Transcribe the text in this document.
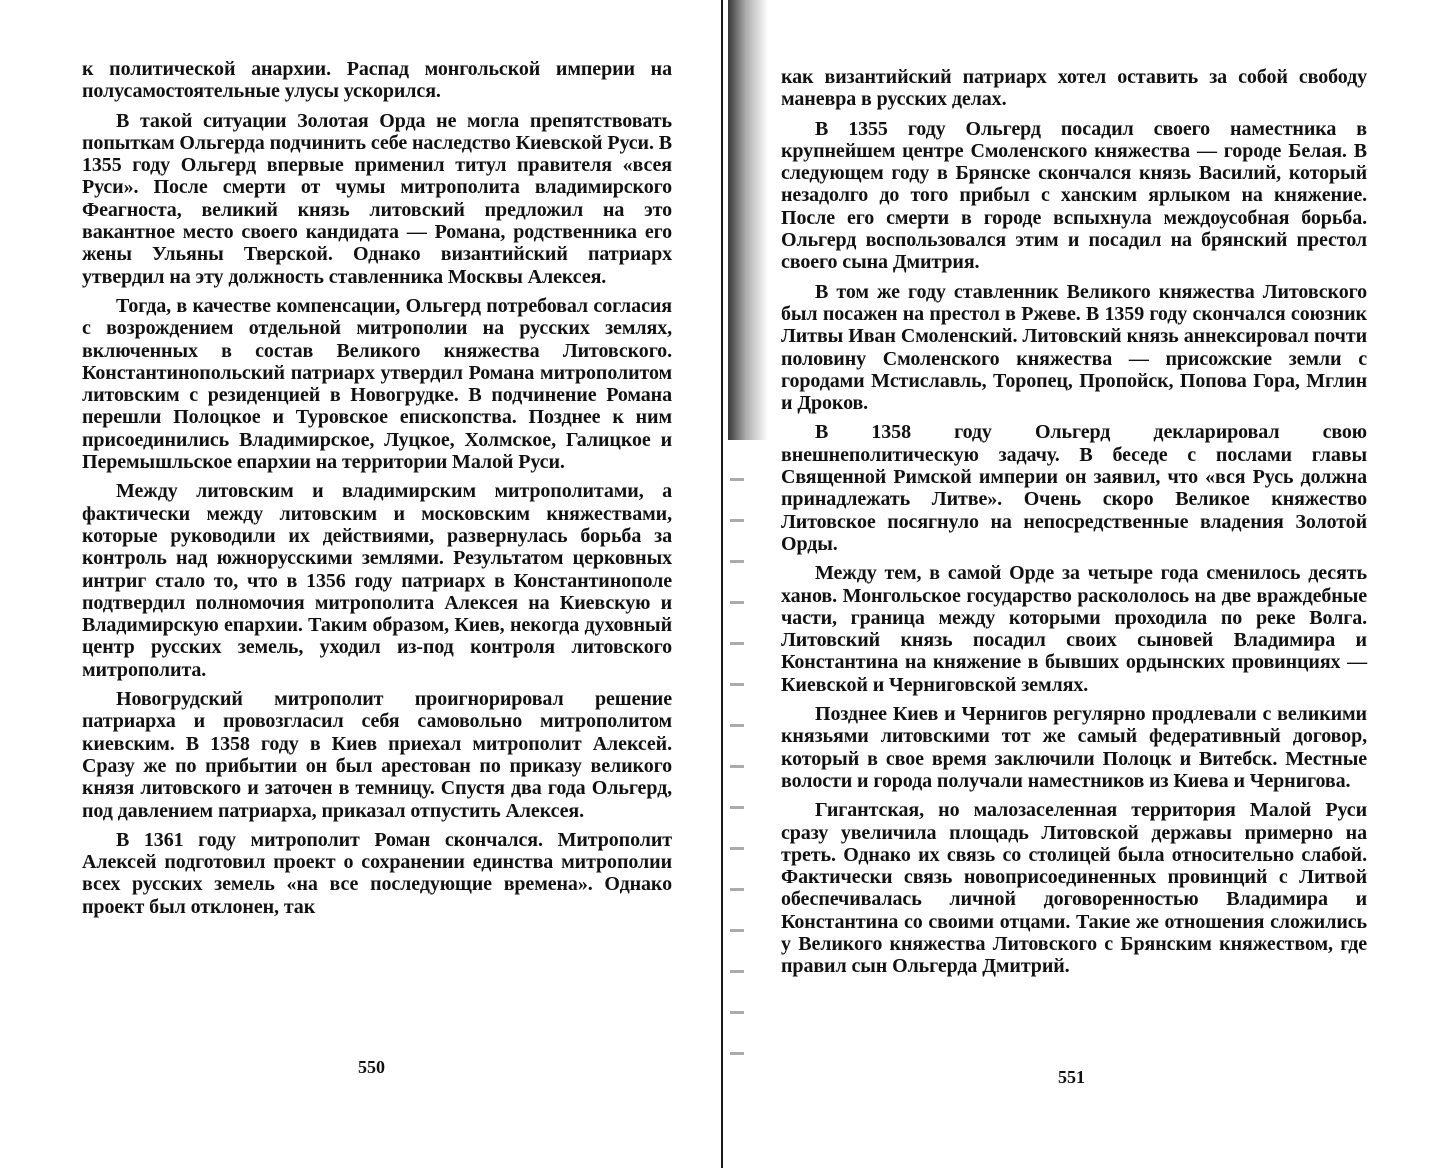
к политической анархии. Распад монгольской империи на полусамостоятельные улусы ускорился.

В такой ситуации Золотая Орда не могла препятствовать попыткам Ольгерда подчинить себе наследство Киевской Руси. В 1355 году Ольгерд впервые применил титул правителя «всея Руси». После смерти от чумы митрополита владимирского Феагноста, великий князь литовский предложил на это вакантное место своего кандидата — Романа, родственника его жены Ульяны Тверской. Однако византийский патриарх утвердил на эту должность ставленника Москвы Алексея.

Тогда, в качестве компенсации, Ольгерд потребовал согласия с возрождением отдельной митрополии на русских землях, включенных в состав Великого княжества Литовского. Константинопольский патриарх утвердил Романа митрополитом литовским с резиденцией в Новогрудке. В подчинение Романа перешли Полоцкое и Туровское епископства. Позднее к ним присоединились Владимирское, Луцкое, Холмское, Галицкое и Перемышльское епархии на территории Малой Руси.

Между литовским и владимирским митрополитами, а фактически между литовским и московским княжествами, которые руководили их действиями, развернулась борьба за контроль над южнорусскими землями. Результатом церковных интриг стало то, что в 1356 году патриарх в Константинополе подтвердил полномочия митрополита Алексея на Киевскую и Владимирскую епархии. Таким образом, Киев, некогда духовный центр русских земель, уходил из-под контроля литовского митрополита.

Новогрудский митрополит проигнорировал решение патриарха и провозгласил себя самовольно митрополитом киевским. В 1358 году в Киев приехал митрополит Алексей. Сразу же по прибытии он был арестован по приказу великого князя литовского и заточен в темницу. Спустя два года Ольгерд, под давлением патриарха, приказал отпустить Алексея.

В 1361 году митрополит Роман скончался. Митрополит Алексей подготовил проект о сохранении единства митрополии всех русских земель «на все последующие времена». Однако проект был отклонен, так

550

как византийский патриарх хотел оставить за собой свободу маневра в русских делах.

В 1355 году Ольгерд посадил своего наместника в крупнейшем центре Смоленского княжества — городе Белая. В следующем году в Брянске скончался князь Василий, который незадолго до того прибыл с ханским ярлыком на княжение. После его смерти в городе вспыхнула междоусобная борьба. Ольгерд воспользовался этим и посадил на брянский престол своего сына Дмитрия.

В том же году ставленник Великого княжества Литовского был посажен на престол в Ржеве. В 1359 году скончался союзник Литвы Иван Смоленский. Литовский князь аннексировал почти половину Смоленского княжества — присожские земли с городами Мстиславль, Торопец, Пропойск, Попова Гора, Мглин и Дроков.

В 1358 году Ольгерд декларировал свою внешнеполитическую задачу. В беседе с послами главы Священной Римской империи он заявил, что «вся Русь должна принадлежать Литве». Очень скоро Великое княжество Литовское посягнуло на непосредственные владения Золотой Орды.

Между тем, в самой Орде за четыре года сменилось десять ханов. Монгольское государство раскололось на две враждебные части, граница между которыми проходила по реке Волга. Литовский князь посадил своих сыновей Владимира и Константина на княжение в бывших ордынских провинциях — Киевской и Черниговской землях.

Позднее Киев и Чернигов регулярно продлевали с великими князьями литовскими тот же самый федеративный договор, который в свое время заключили Полоцк и Витебск. Местные волости и города получали наместников из Киева и Чернигова.

Гигантская, но малозаселенная территория Малой Руси сразу увеличила площадь Литовской державы примерно на треть. Однако их связь со столицей была относительно слабой. Фактически связь новоприсоединенных провинций с Литвой обеспечивалась личной договоренностью Владимира и Константина со своими отцами. Такие же отношения сложились у Великого княжества Литовского с Брянским княжеством, где правил сын Ольгерда Дмитрий.

551
